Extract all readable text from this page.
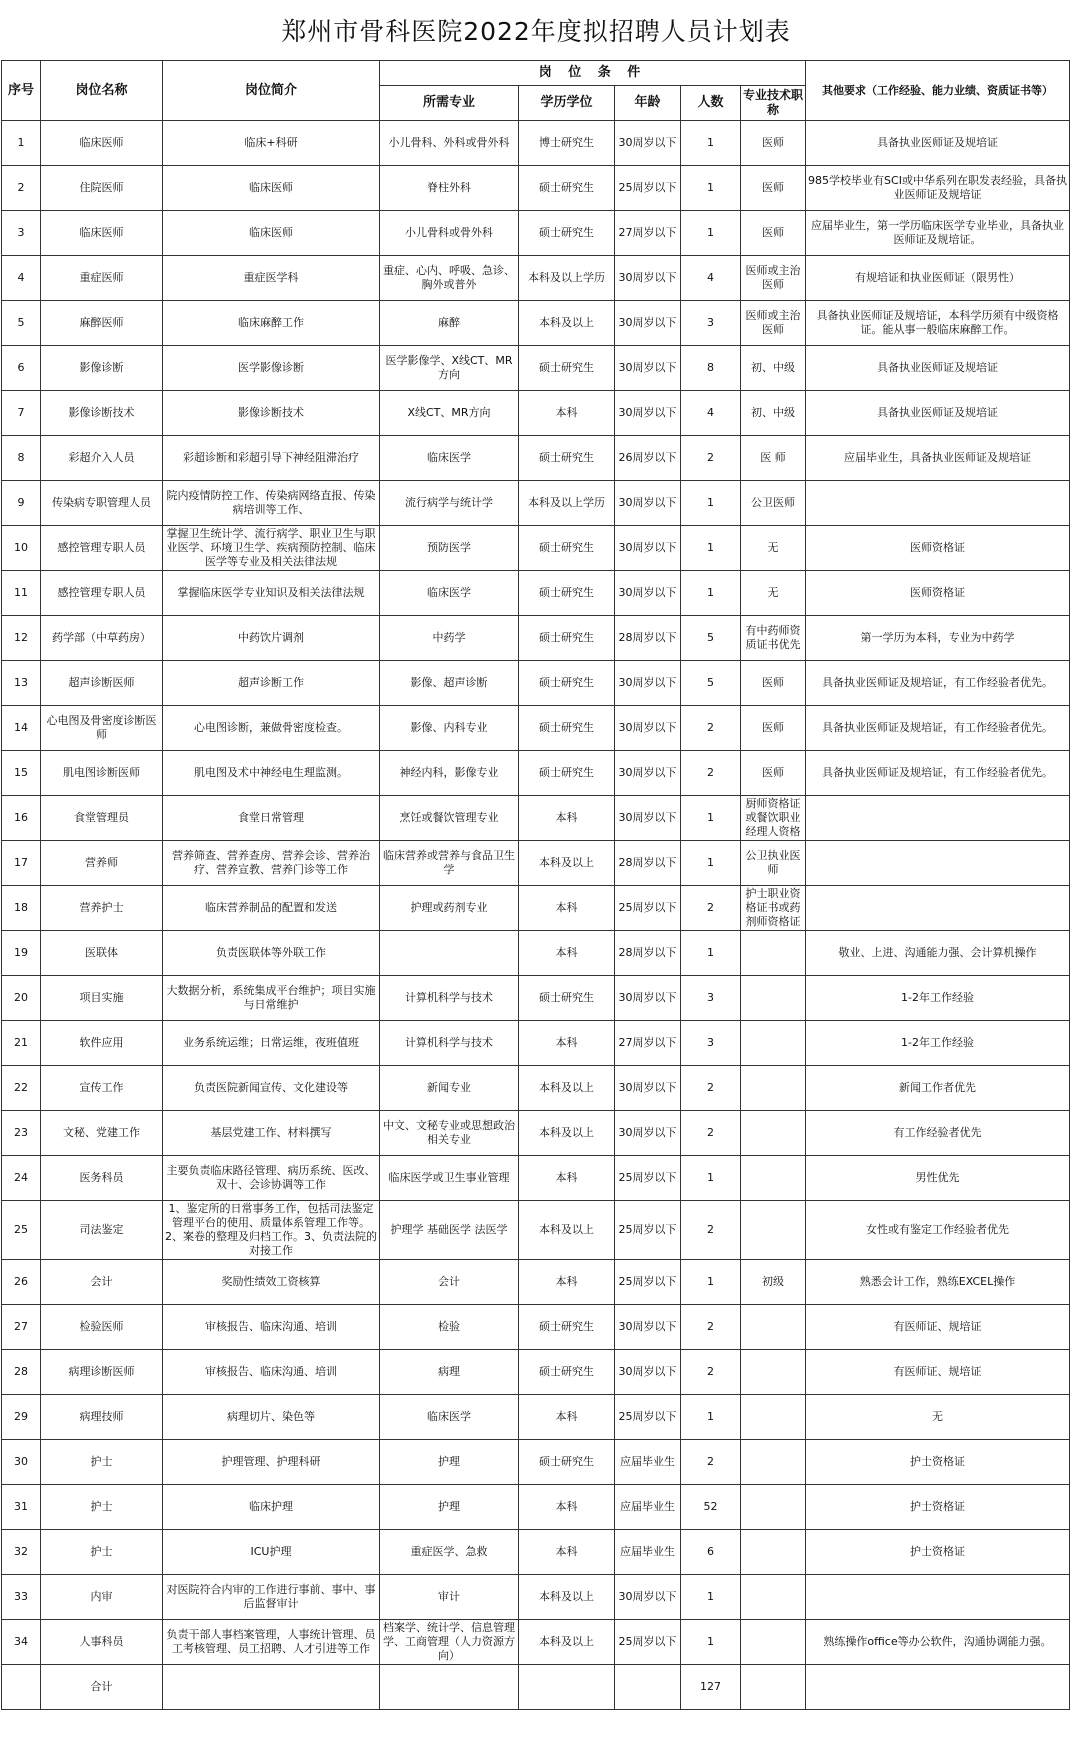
郑州市骨科医院2022年度拟招聘人员计划表
序号	岗位名称	岗位简介	岗 位 条 件					其他要求（工作经验、能力业绩、资质证书等）
			所需专业	学历学位	年龄	人数	专业技术职称	
1	临床医师	临床+科研	小儿骨科、外科或骨外科	博士研究生	30周岁以下	1	医师	具备执业医师证及规培证
2	住院医师	临床医师	脊柱外科	硕士研究生	25周岁以下	1	医师	985学校毕业有SCI或中华系列在职发表经验，具备执业医师证及规培证
3	临床医师	临床医师	小儿骨科或骨外科	硕士研究生	27周岁以下	1	医师	应届毕业生，第一学历临床医学专业毕业，具备执业医师证及规培证。
4	重症医师	重症医学科	重症、心内、呼吸、急诊、胸外或普外	本科及以上学历	30周岁以下	4	医师或主治医师	有规培证和执业医师证（限男性）
5	麻醉医师	临床麻醉工作	麻醉	本科及以上	30周岁以下	3	医师或主治医师	具备执业医师证及规培证，本科学历须有中级资格证。能从事一般临床麻醉工作。
6	影像诊断	医学影像诊断	医学影像学、X线CT、MR方向	硕士研究生	30周岁以下	8	初、中级	具备执业医师证及规培证
7	影像诊断技术	影像诊断技术	X线CT、MR方向	本科	30周岁以下	4	初、中级	具备执业医师证及规培证
8	彩超介入人员	彩超诊断和彩超引导下神经阻滞治疗	临床医学	硕士研究生	26周岁以下	2	医 师	应届毕业生，具备执业医师证及规培证
9	传染病专职管理人员	院内疫情防控工作、传染病网络直报、传染病培训等工作、	流行病学与统计学	本科及以上学历	30周岁以下	1	公卫医师	
10	感控管理专职人员	掌握卫生统计学、流行病学、职业卫生与职业医学、环境卫生学、疾病预防控制、临床医学等专业及相关法律法规	预防医学	硕士研究生	30周岁以下	1	无	医师资格证
11	感控管理专职人员	掌握临床医学专业知识及相关法律法规	临床医学	硕士研究生	30周岁以下	1	无	医师资格证
12	药学部（中草药房）	中药饮片调剂	中药学	硕士研究生	28周岁以下	5	有中药师资质证书优先	第一学历为本科，专业为中药学
13	超声诊断医师	超声诊断工作	影像、超声诊断	硕士研究生	30周岁以下	5	医师	具备执业医师证及规培证，有工作经验者优先。
14	心电图及骨密度诊断医师	心电图诊断，兼做骨密度检查。	影像、内科专业	硕士研究生	30周岁以下	2	医师	具备执业医师证及规培证，有工作经验者优先。
15	肌电图诊断医师	肌电图及术中神经电生理监测。	神经内科，影像专业	硕士研究生	30周岁以下	2	医师	具备执业医师证及规培证，有工作经验者优先。
16	食堂管理员	食堂日常管理	烹饪或餐饮管理专业	本科	30周岁以下	1	厨师资格证或餐饮职业经理人资格	
17	营养师	营养筛查、营养查房、营养会诊、营养治疗、营养宣教、营养门诊等工作	临床营养或营养与食品卫生学	本科及以上	28周岁以下	1	公卫执业医师	
18	营养护士	临床营养制品的配置和发送	护理或药剂专业	本科	25周岁以下	2	护士职业资格证书或药剂师资格证	
19	医联体	负责医联体等外联工作		本科	28周岁以下	1		敬业、上进、沟通能力强、会计算机操作
20	项目实施	大数据分析，系统集成平台维护；项目实施与日常维护	计算机科学与技术	硕士研究生	30周岁以下	3		1-2年工作经验
21	软件应用	业务系统运维；日常运维，夜班值班	计算机科学与技术	本科	27周岁以下	3		1-2年工作经验
22	宣传工作	负责医院新闻宣传、文化建设等	新闻专业	本科及以上	30周岁以下	2		新闻工作者优先
23	文秘、党建工作	基层党建工作、材料撰写	中文、文秘专业或思想政治相关专业	本科及以上	30周岁以下	2		有工作经验者优先
24	医务科员	主要负责临床路径管理、病历系统、医改、双十、会诊协调等工作	临床医学或卫生事业管理	本科	25周岁以下	1		男性优先
25	司法鉴定	1、鉴定所的日常事务工作，包括司法鉴定管理平台的使用、质量体系管理工作等。2、案卷的整理及归档工作。3、负责法院的对接工作	护理学 基础医学 法医学	本科及以上	25周岁以下	2		女性或有鉴定工作经验者优先
26	会计	奖励性绩效工资核算	会计	本科	25周岁以下	1	初级	熟悉会计工作，熟练EXCEL操作
27	检验医师	审核报告、临床沟通、培训	检验	硕士研究生	30周岁以下	2		有医师证、规培证
28	病理诊断医师	审核报告、临床沟通、培训	病理	硕士研究生	30周岁以下	2		有医师证、规培证
29	病理技师	病理切片、染色等	临床医学	本科	25周岁以下	1		无
30	护士	护理管理、护理科研	护理	硕士研究生	应届毕业生	2		护士资格证
31	护士	临床护理	护理	本科	应届毕业生	52		护士资格证
32	护士	ICU护理	重症医学、急救	本科	应届毕业生	6		护士资格证
33	内审	对医院符合内审的工作进行事前、事中、事后监督审计	审计	本科及以上	30周岁以下	1		
34	人事科员	负责干部人事档案管理，人事统计管理、员工考核管理、员工招聘、人才引进等工作	档案学、统计学、信息管理学、工商管理（人力资源方向）	本科及以上	25周岁以下	1		熟练操作office等办公软件，沟通协调能力强。
	合计					127		
